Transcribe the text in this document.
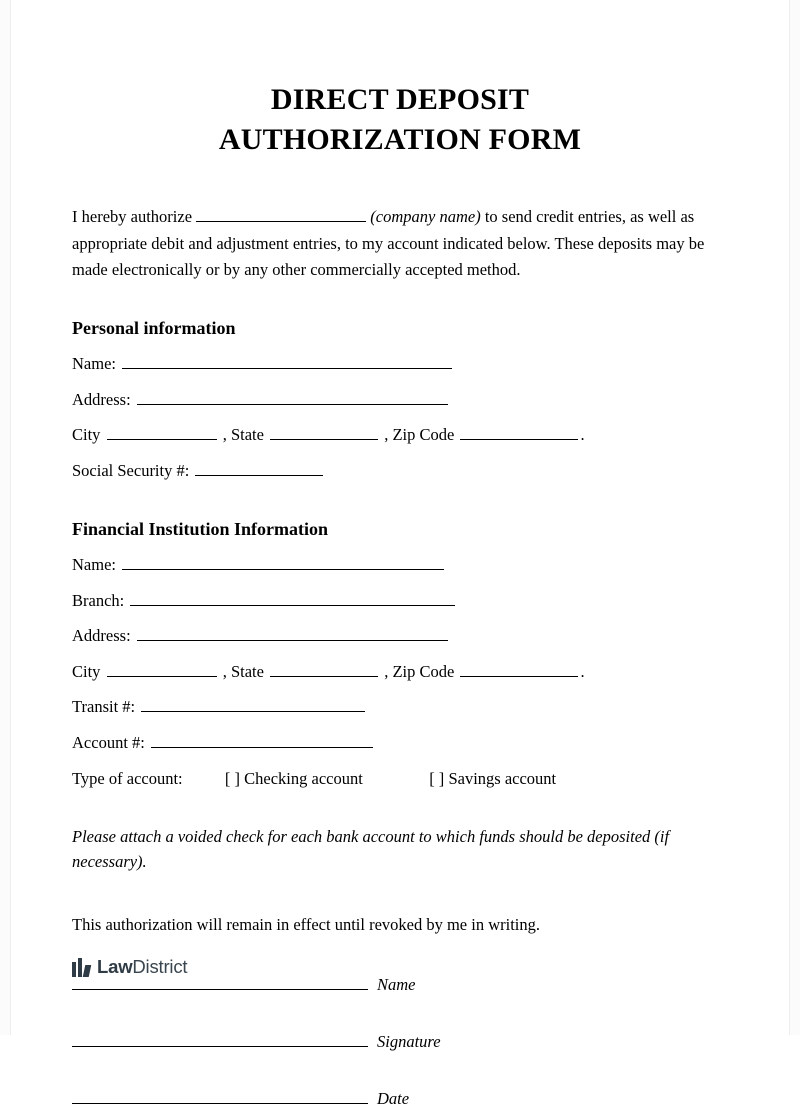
DIRECT DEPOSIT
AUTHORIZATION FORM

I hereby authorize	(company name) to send credit entries, as well as appropriate debit and adjustment entries, to my account indicated below. These deposits may be made electronically or by any other commercially accepted method.

Personal information
Name:
Address:
City	, State	, Zip Code	.
Social Security #:
Financial Institution Information
Name:
Branch:
Address:
City	, State	, Zip Code	.
Transit #:
Account #:
Type of account:	[ ] Checking account	[ ] Savings account

Please attach a voided check for each bank account to which funds should be deposited (if necessary).

This authorization will remain in effect until revoked by me in writing.

Name
Signature
Date
LawDistrict
